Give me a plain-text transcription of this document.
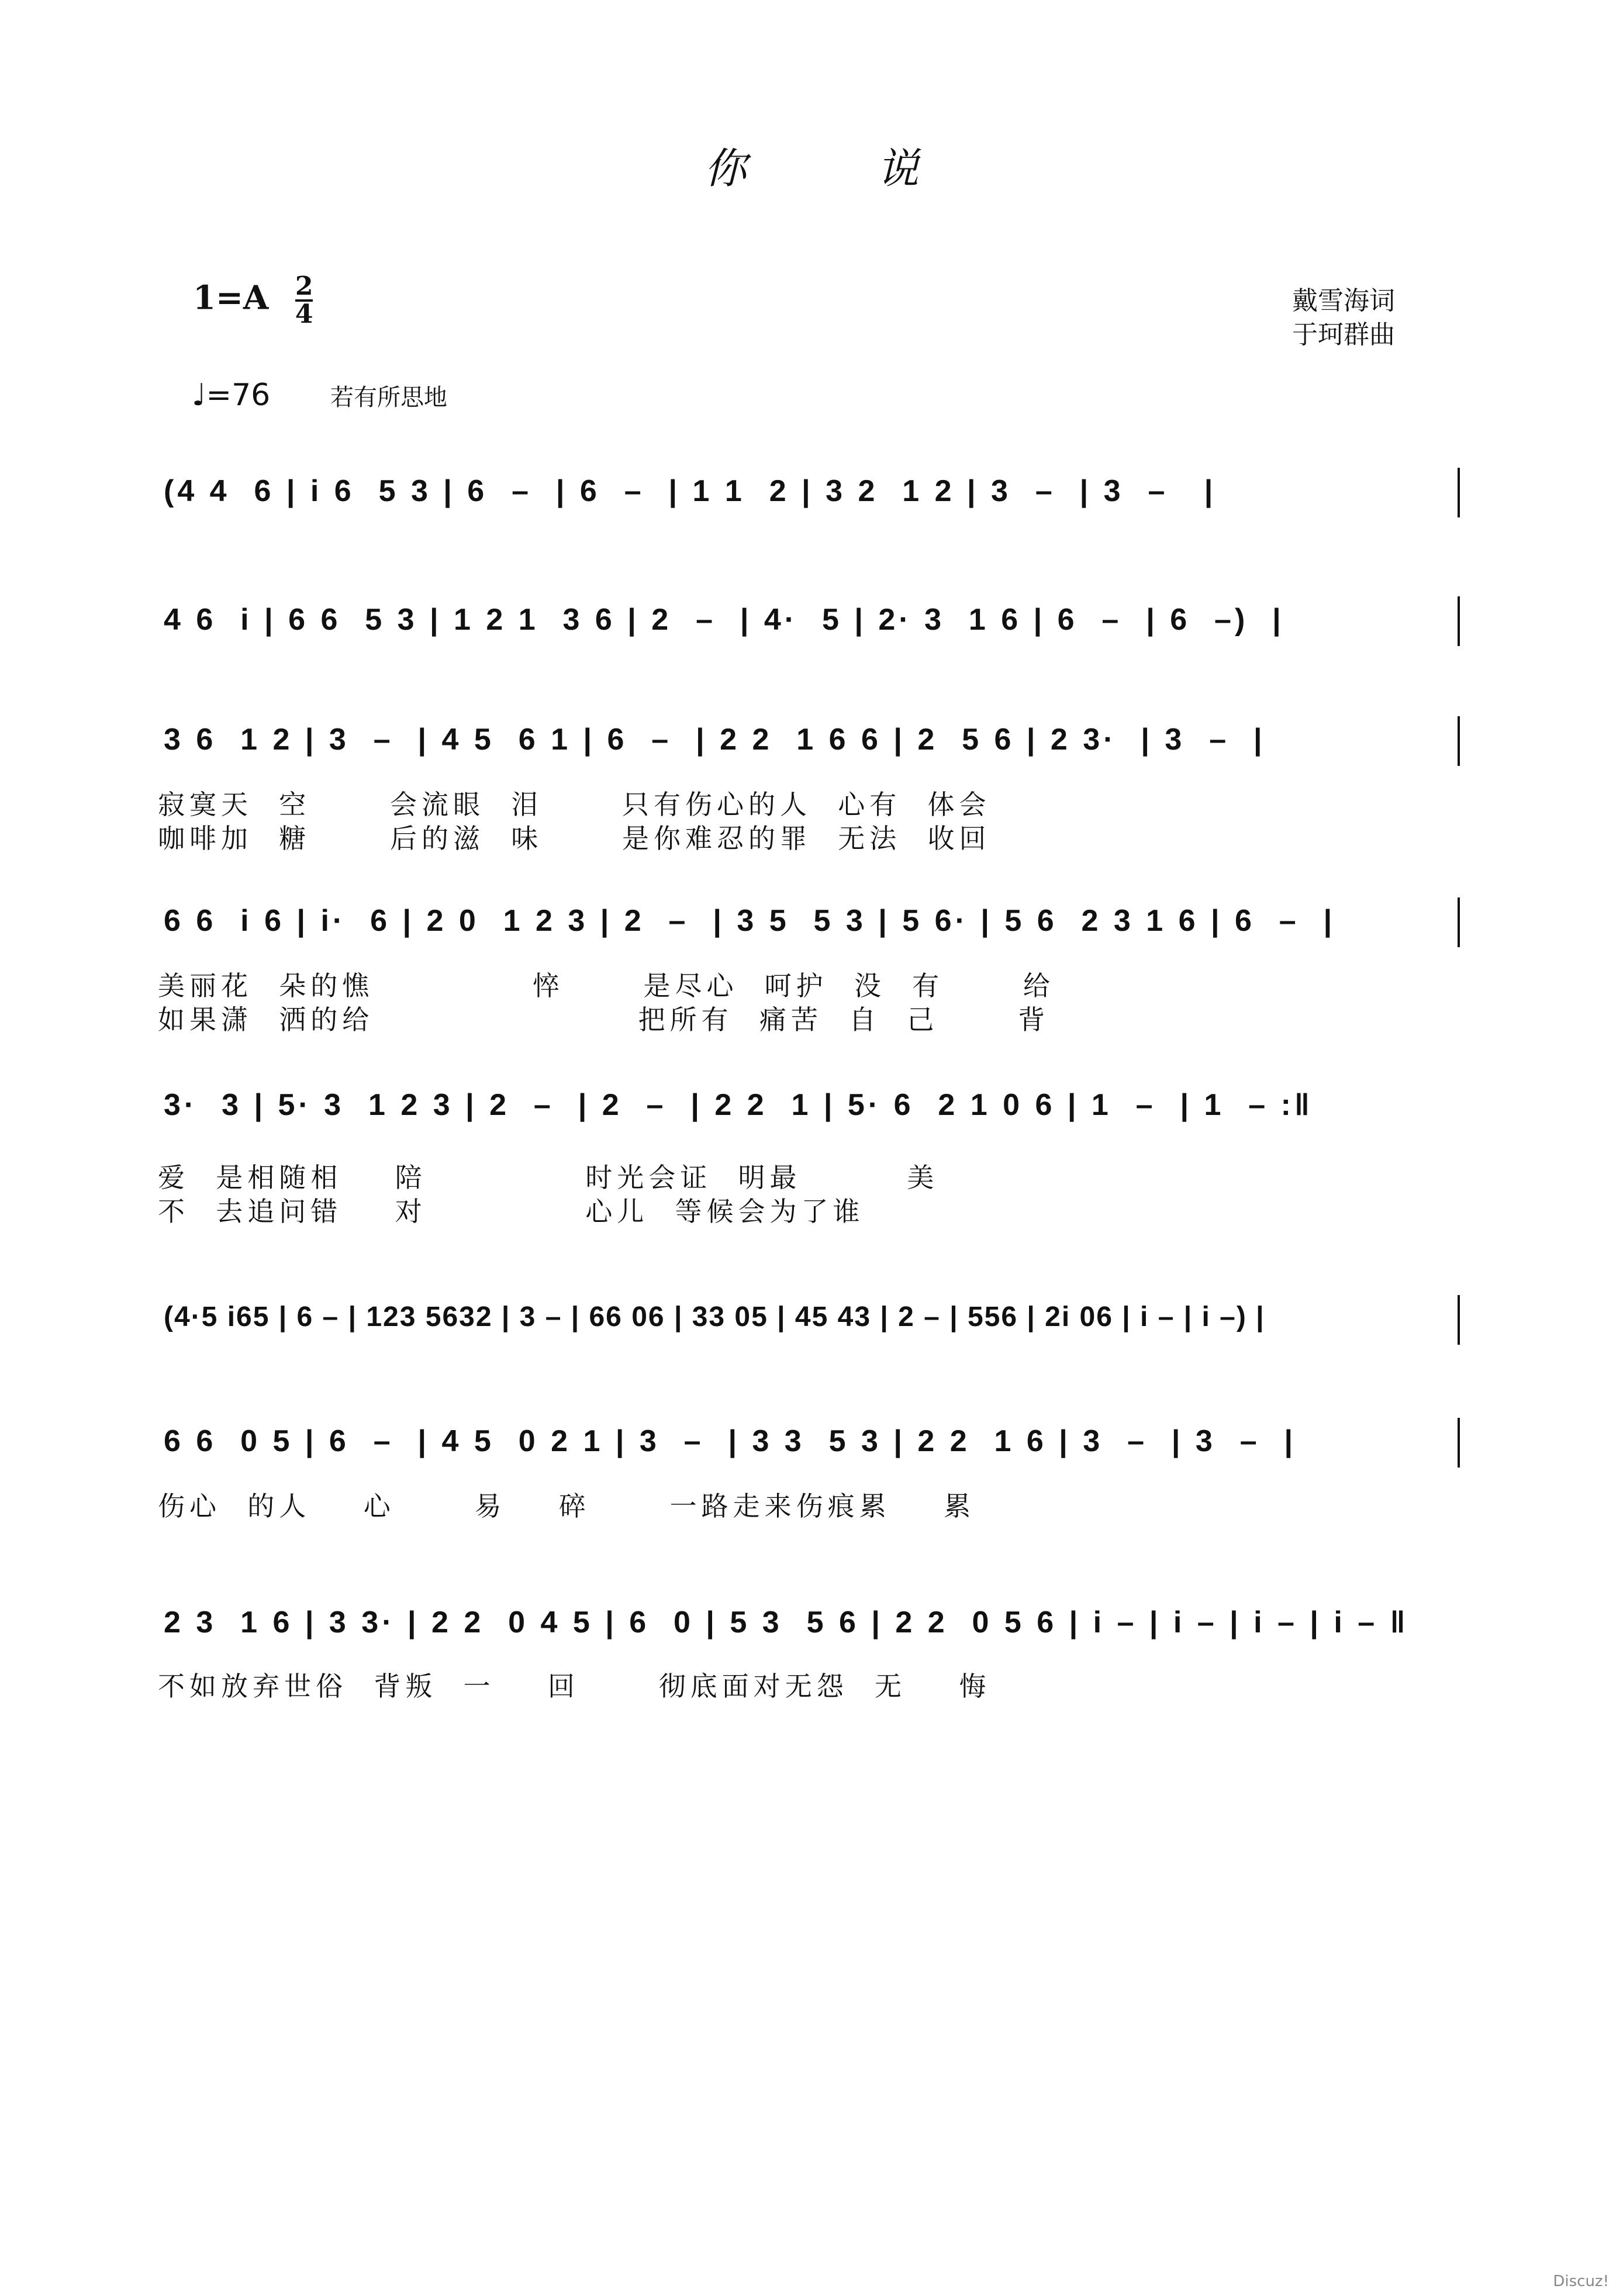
你	说
$1=A \frac{2}{4}$	戴雪海词
于珂群曲
♩=76	若有所思地
(4 4  6 | i 6  5 3 | 6  –  | 6  –  | 1 1  2 | 3 2  1 2 | 3  –  | 3  –   |
4 6  i | 6 6  5 3 | 1 2 1  3 6 | 2  –  | 4·  5 | 2· 3  1 6 | 6  –  | 6  –)  |
3 6  1 2 | 3  –  | 4 5  6 1 | 6  –  | 2 2  1 6 6 | 2  5 6 | 2 3·  | 3  –  |
寂寞天  空      会流眼  泪      只有伤心的人  心有  体会
咖啡加  糖      后的滋  味      是你难忍的罪  无法  收回
6 6  i 6 | i·  6 | 2 0  1 2 3 | 2  –  | 3 5  5 3 | 5 6· | 5 6  2 3 1 6 | 6  –  |
美丽花  朵的憔            悴      是尽心  呵护  没  有      给
如果潇  洒的给                    把所有  痛苦  自  己      背
3·  3 | 5· 3  1 2 3 | 2  –  | 2  –  | 2 2  1 | 5· 6  2 1 0 6 | 1  –  | 1  – :‖
爱  是相随相    陪            时光会证  明最        美
不  去追问错    对            心儿  等候会为了谁
(4·5 i65 | 6 – | 123 5632 | 3 – | 66 06 | 33 05 | 45 43 | 2 – | 556 | 2i 06 | i – | i –) |
6 6  0 5 | 6  –  | 4 5  0 2 1 | 3  –  | 3 3  5 3 | 2 2  1 6 | 3  –  | 3  –  |
伤心  的人    心      易    碎      一路走来伤痕累    累
2 3  1 6 | 3 3· | 2 2  0 4 5 | 6  0 | 5 3  5 6 | 2 2  0 5 6 | i – | i – | i – | i – ‖
不如放弃世俗  背叛  一    回      彻底面对无怨  无    悔
Discuz!
